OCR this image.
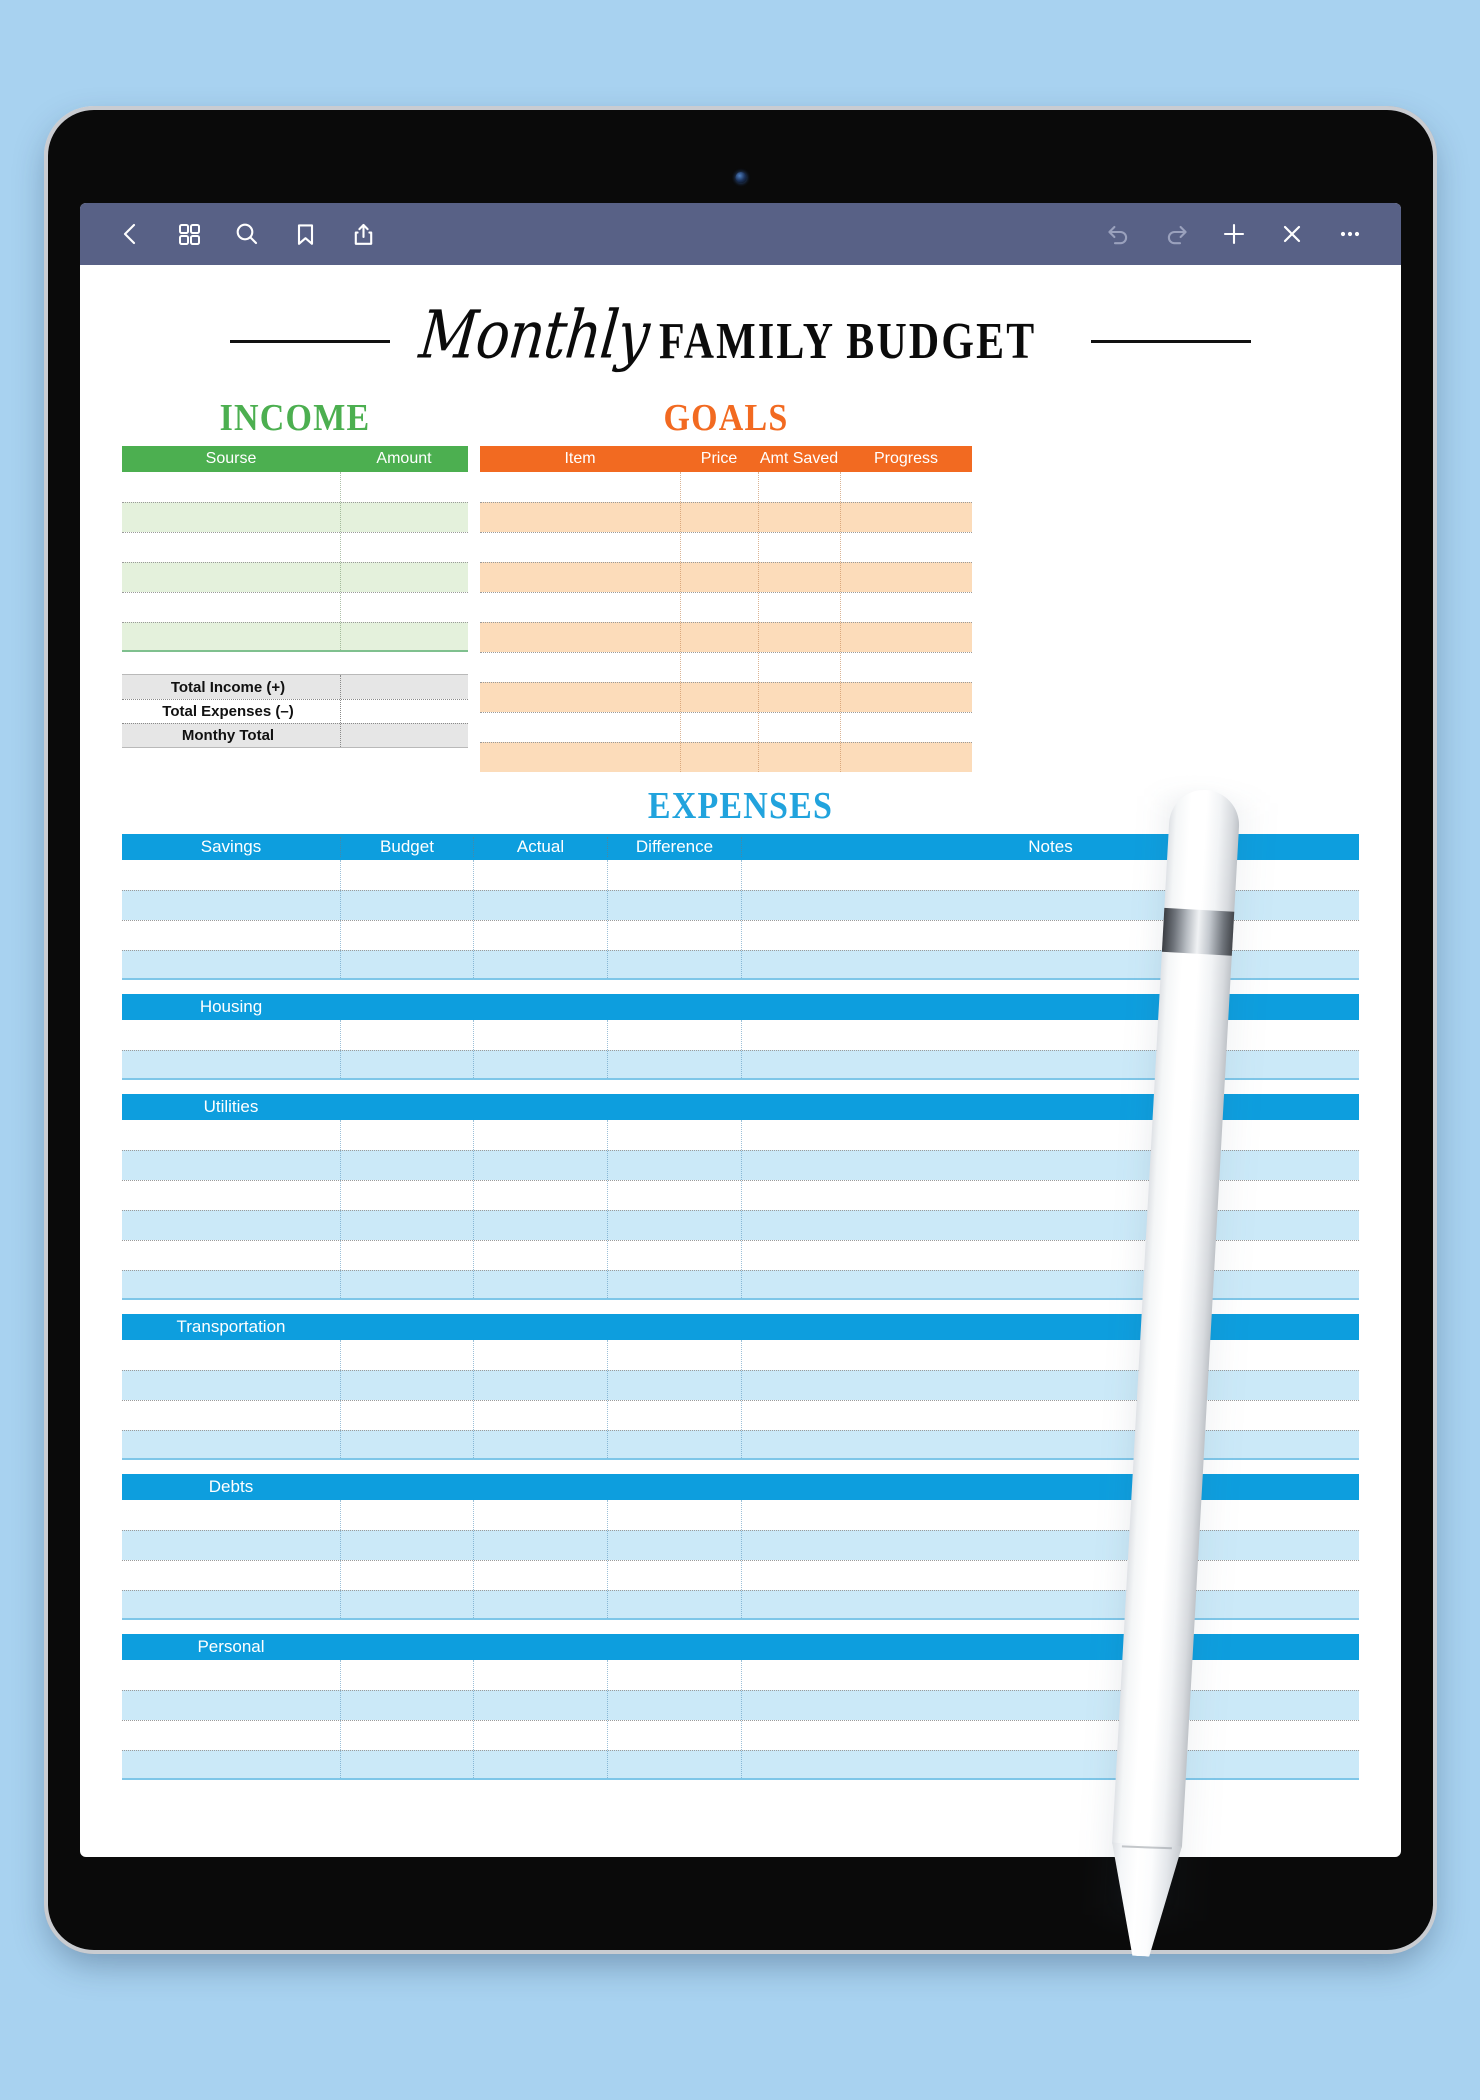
Monthly FAMILY BUDGET
INCOME
Sourse	Amount
Total Income (+)
Total Expenses (–)
Monthy Total
GOALS
Item	Price	Amt Saved	Progress
EXPENSES
Savings	Budget	Actual	Difference	Notes
Housing
Utilities
Transportation
Debts
Personal
